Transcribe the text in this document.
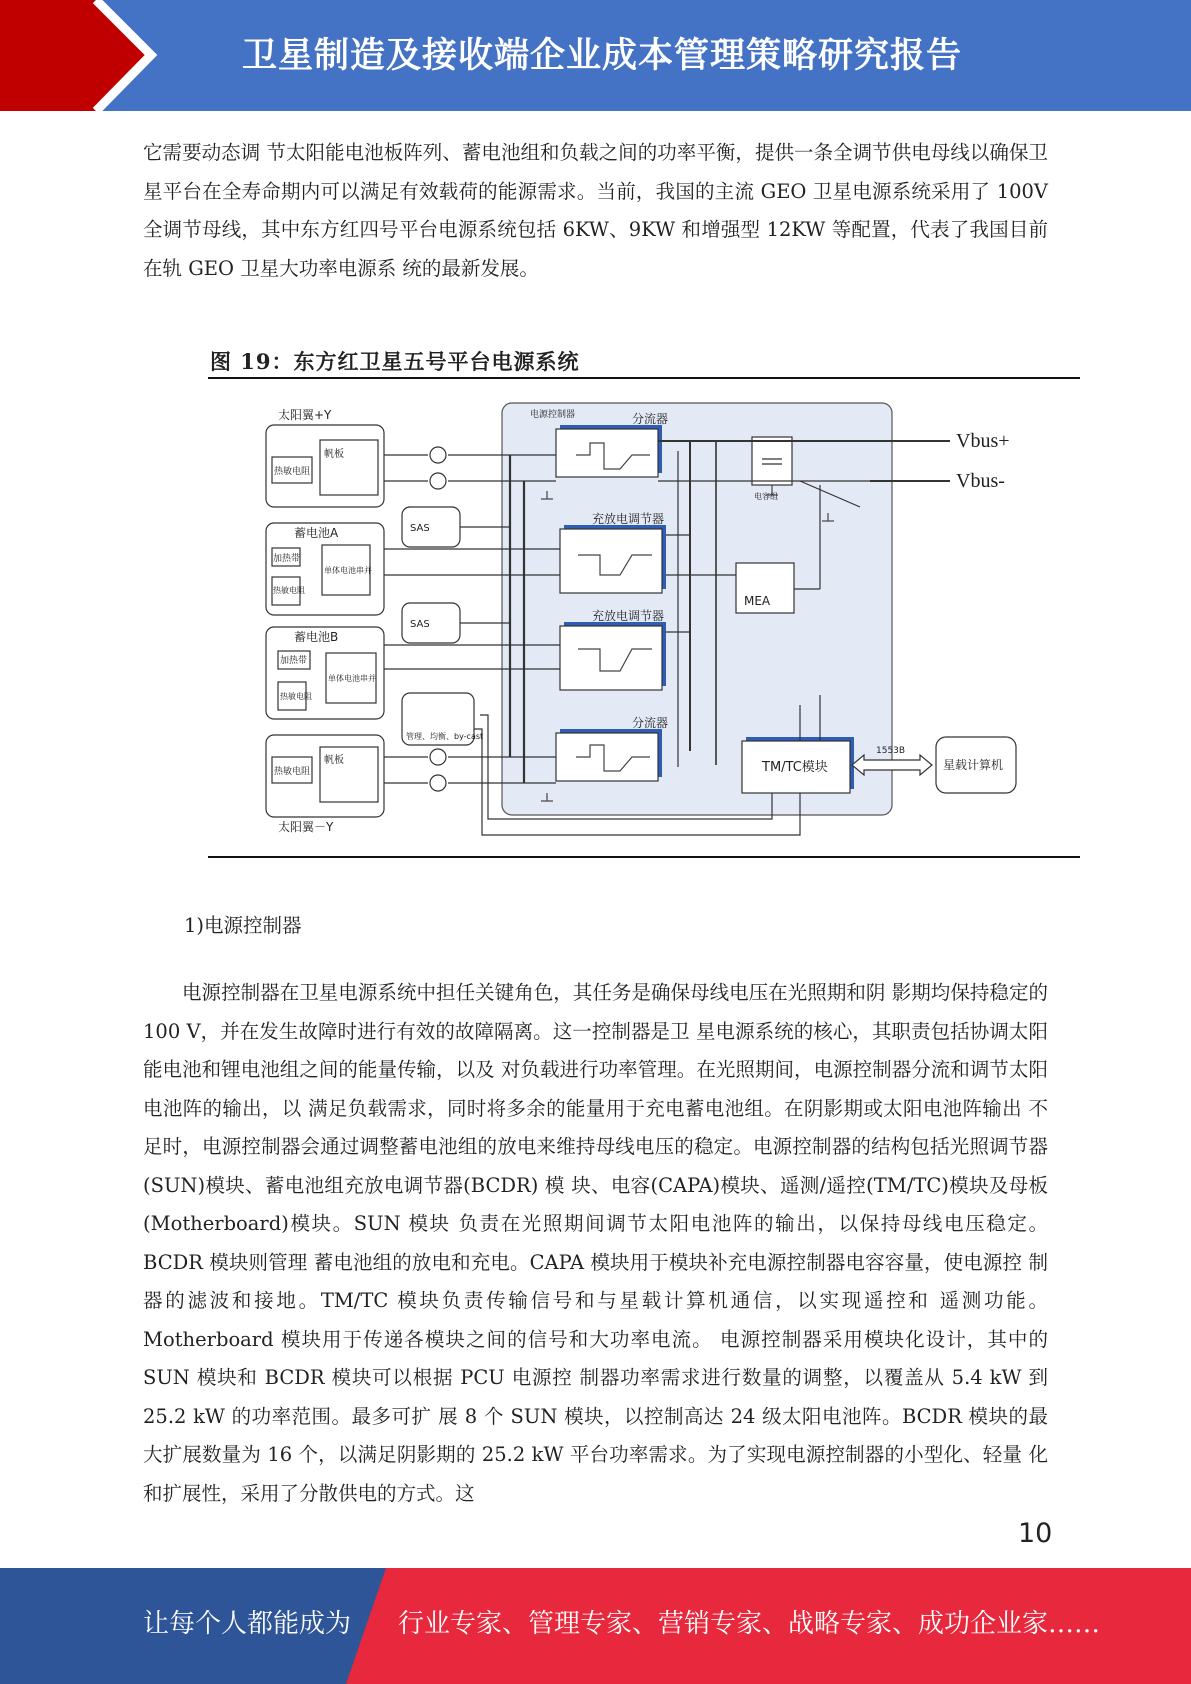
卫星制造及接收端企业成本管理策略研究报告
它需要动态调 节太阳能电池板阵列、蓄电池组和负载之间的功率平衡，提供一条全调节供电母线以确保卫星平台在全寿命期内可以满足有效载荷的能源需求。当前，我国的主流 GEO 卫星电源系统采用了 100V 全调节母线，其中东方红四号平台电源系统包括 6KW、9KW 和增强型 12KW 等配置，代表了我国目前在轨 GEO 卫星大功率电源系 统的最新发展。
图 19：东方红卫星五号平台电源系统
太阳翼+Y
太阳翼－Y
热敏电阻
热敏电阻
帆板
帆板
蓄电池A
蓄电池B
加热带
加热带
热敏电阻
热敏电阻
单体电池串并
单体电池串并
SAS
SAS
管理、均衡、by-cast
电源控制器	分流器
充放电调节器
充放电调节器
分流器
电容组
MEA
TM/TC模块
1553B
星载计算机
Vbus+
Vbus-
1)电源控制器
电源控制器在卫星电源系统中担任关键角色，其任务是确保母线电压在光照期和阴 影期均保持稳定的 100 V，并在发生故障时进行有效的故障隔离。这一控制器是卫 星电源系统的核心，其职责包括协调太阳能电池和锂电池组之间的能量传输，以及 对负载进行功率管理。在光照期间，电源控制器分流和调节太阳电池阵的输出，以 满足负载需求，同时将多余的能量用于充电蓄电池组。在阴影期或太阳电池阵输出 不足时，电源控制器会通过调整蓄电池组的放电来维持母线电压的稳定。电源控制器的结构包括光照调节器(SUN)模块、蓄电池组充放电调节器(BCDR) 模 块、电容(CAPA)模块、遥测/遥控(TM/TC)模块及母板(Motherboard)模块。SUN 模块 负责在光照期间调节太阳电池阵的输出，以保持母线电压稳定。BCDR 模块则管理 蓄电池组的放电和充电。CAPA 模块用于模块补充电源控制器电容容量，使电源控 制器的滤波和接地。TM/TC 模块负责传输信号和与星载计算机通信，以实现遥控和 遥测功能。Motherboard 模块用于传递各模块之间的信号和大功率电流。 电源控制器采用模块化设计，其中的 SUN 模块和 BCDR 模块可以根据 PCU 电源控 制器功率需求进行数量的调整，以覆盖从 5.4 kW 到 25.2 kW 的功率范围。最多可扩 展 8 个 SUN 模块，以控制高达 24 级太阳电池阵。BCDR 模块的最大扩展数量为 16 个，以满足阴影期的 25.2 kW 平台功率需求。为了实现电源控制器的小型化、轻量 化和扩展性，采用了分散供电的方式。这
10
让每个人都能成为 行业专家、管理专家、营销专家、战略专家、成功企业家……
